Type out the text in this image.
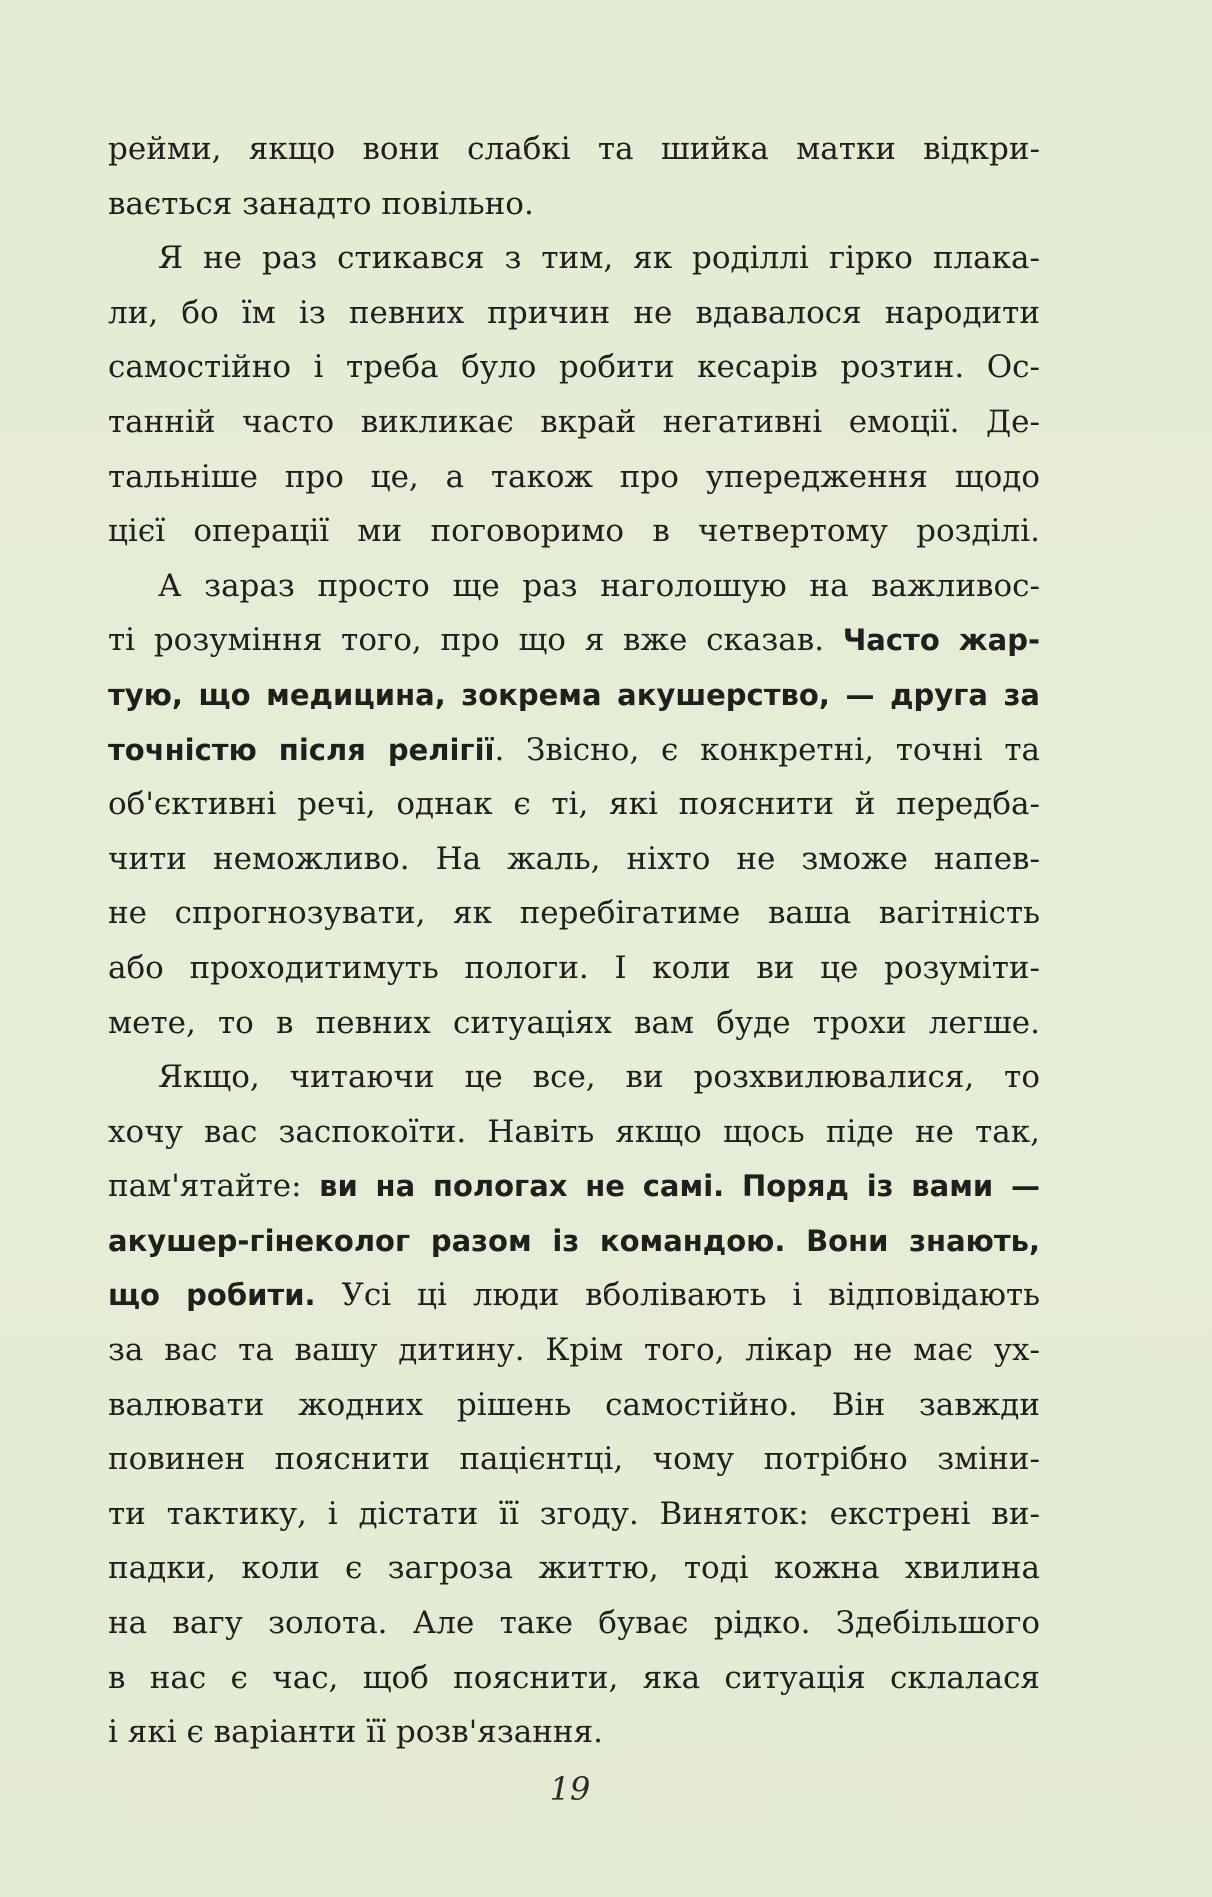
рейми, якщо вони слабкі та шийка матки відкри-
вається занадто повільно.
Я не раз стикався з тим, як роділлі гірко плака-
ли, бо їм із певних причин не вдавалося народити
самостійно і треба було робити кесарів розтин. Ос-
танній часто викликає вкрай негативні емоції. Де-
тальніше про це, а також про упередження щодо
цієї операції ми поговоримо в четвертому розділі.
А зараз просто ще раз наголошую на важливос-
ті розуміння того, про що я вже сказав. Часто жар-
тую, що медицина, зокрема акушерство, — друга за
точністю після релігії. Звісно, є конкретні, точні та
об'єктивні речі, однак є ті, які пояснити й передба-
чити неможливо. На жаль, ніхто не зможе напев-
не спрогнозувати, як перебігатиме ваша вагітність
або проходитимуть пологи. І коли ви це розуміти-
мете, то в певних ситуаціях вам буде трохи легше.
Якщо, читаючи це все, ви розхвилювалися, то
хочу вас заспокоїти. Навіть якщо щось піде не так,
пам'ятайте: ви на пологах не самі. Поряд із вами —
акушер-гінеколог разом із командою. Вони знають,
що робити. Усі ці люди вболівають і відповідають
за вас та вашу дитину. Крім того, лікар не має ух-
валювати жодних рішень самостійно. Він завжди
повинен пояснити пацієнтці, чому потрібно зміни-
ти тактику, і дістати її згоду. Виняток: екстрені ви-
падки, коли є загроза життю, тоді кожна хвилина
на вагу золота. Але таке буває рідко. Здебільшого
в нас є час, щоб пояснити, яка ситуація склалася
і які є варіанти її розв'язання.
19
